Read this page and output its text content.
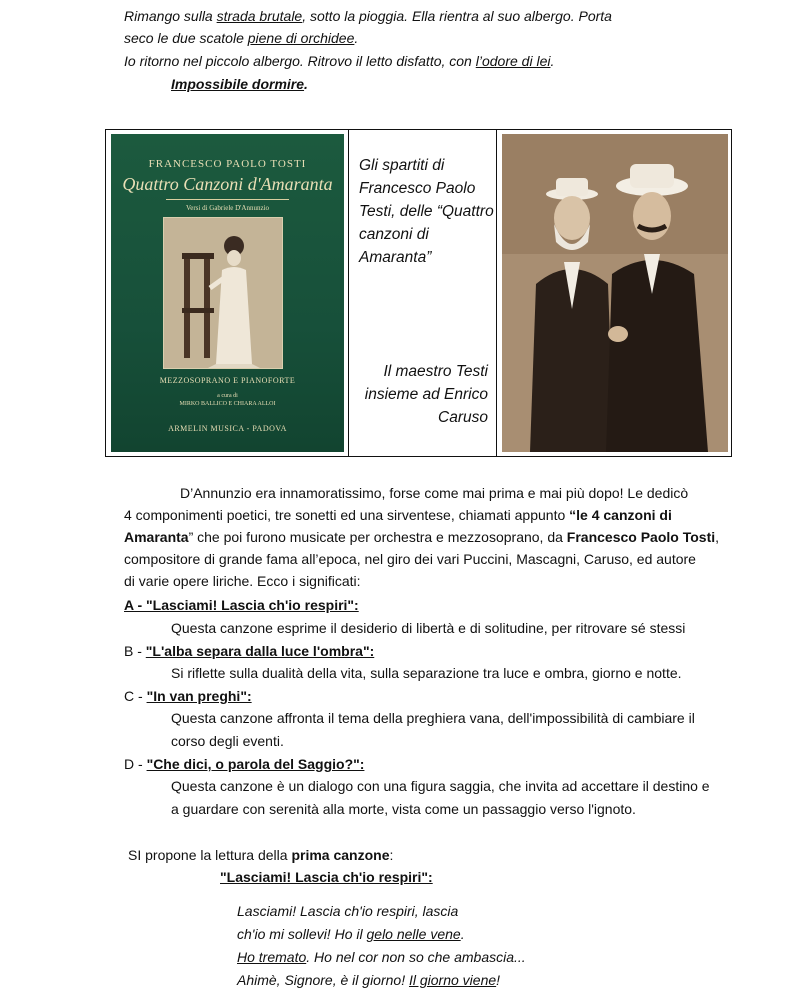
Rimango sulla strada brutale, sotto la pioggia. Ella rientra al suo albergo. Porta
seco le due scatole piene di orchidee.
Io ritorno nel piccolo albergo. Ritrovo il letto disfatto, con l’odore di lei.
Impossibile dormire.
FRANCESCO PAOLO TOSTI
Quattro Canzoni d'Amaranta
Versi di Gabriele D'Annunzio
MEZZOSOPRANO E PIANOFORTE
a cura di
MIRKO BALLICO E CHIARA ALLOI
ARMELIN MUSICA - PADOVA
Gli spartiti di Francesco Paolo Testi, delle “Quattro canzoni di Amaranta”
Il maestro Testi insieme ad Enrico Caruso
D’Annunzio era innamoratissimo, forse come mai prima e mai più dopo! Le dedicò
4 componimenti poetici, tre sonetti ed una sirventese, chiamati appunto “le 4 canzoni di
Amaranta” che poi furono musicate per orchestra e mezzosoprano, da Francesco Paolo Tosti,
compositore di grande fama all’epoca, nel giro dei vari Puccini, Mascagni, Caruso, ed autore
di varie opere liriche. Ecco i significati:
A - "Lasciami! Lascia ch'io respiri":
Questa canzone esprime il desiderio di libertà e di solitudine, per ritrovare sé stessi
B - "L'alba separa dalla luce l'ombra":
Si riflette sulla dualità della vita, sulla separazione tra luce e ombra, giorno e notte.
C - "In van preghi":
Questa canzone affronta il tema della preghiera vana, dell'impossibilità di cambiare il
corso degli eventi.
D - "Che dici, o parola del Saggio?":
Questa canzone è un dialogo con una figura saggia, che invita ad accettare il destino e
a guardare con serenità alla morte, vista come un passaggio verso l'ignoto.
SI propone la lettura della prima canzone:
"Lasciami! Lascia ch'io respiri":
Lasciami! Lascia ch'io respiri, lascia
ch'io mi sollevi! Ho il gelo nelle vene.
Ho tremato. Ho nel cor non so che ambascia...
Ahimè, Signore, è il giorno! Il giorno viene!
